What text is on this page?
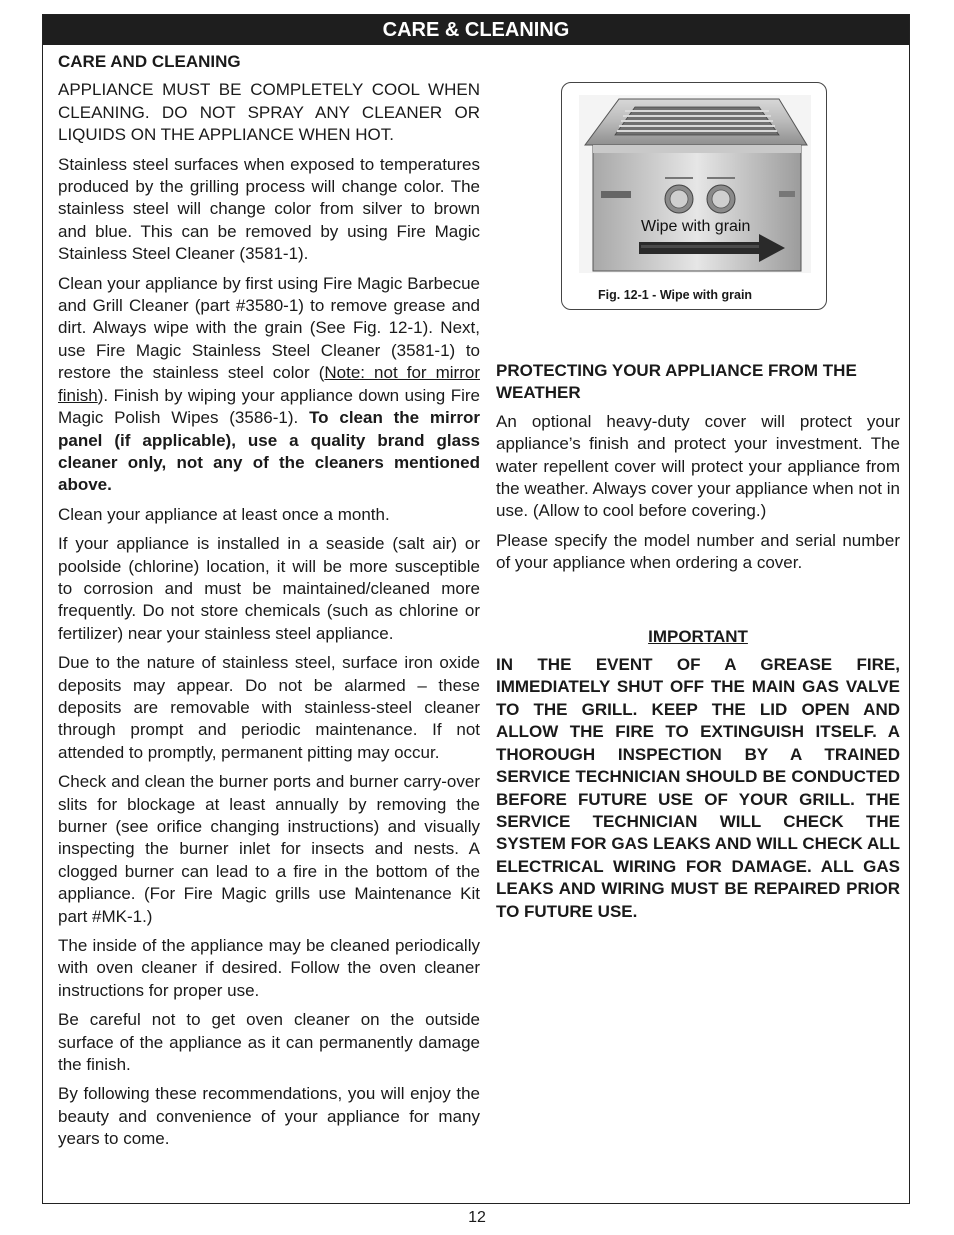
CARE & CLEANING
CARE AND CLEANING

APPLIANCE MUST BE COMPLETELY COOL WHEN CLEANING. DO NOT SPRAY ANY CLEANER OR LIQUIDS ON THE APPLIANCE WHEN HOT.

Stainless steel surfaces when exposed to temperatures produced by the grilling process will change color. The stainless steel will change color from silver to brown and blue. This can be removed by using Fire Magic Stainless Steel Cleaner (3581-1).

Clean your appliance by first using Fire Magic Barbecue and Grill Cleaner (part #3580-1) to remove grease and dirt. Always wipe with the grain (See Fig. 12-1). Next, use Fire Magic Stainless Steel Cleaner (3581-1) to restore the stainless steel color (Note: not for mirror finish). Finish by wiping your appliance down using Fire Magic Polish Wipes (3586-1). To clean the mirror panel (if applicable), use a quality brand glass cleaner only, not any of the cleaners mentioned above.

Clean your appliance at least once a month.

If your appliance is installed in a seaside (salt air) or poolside (chlorine) location, it will be more susceptible to corrosion and must be maintained/cleaned more frequently. Do not store chemicals (such as chlorine or fertilizer) near your stainless steel appliance.

Due to the nature of stainless steel, surface iron oxide deposits may appear. Do not be alarmed – these deposits are removable with stainless-steel cleaner through prompt and periodic maintenance. If not attended to promptly, permanent pitting may occur.

Check and clean the burner ports and burner carry-over slits for blockage at least annually by removing the burner (see orifice changing instructions) and visually inspecting the burner inlet for insects and nests. A clogged burner can lead to a fire in the bottom of the appliance. (For Fire Magic grills use Maintenance Kit part #MK-1.)

The inside of the appliance may be cleaned periodically with oven cleaner if desired. Follow the oven cleaner instructions for proper use.

Be careful not to get oven cleaner on the outside surface of the appliance as it can permanently damage the finish.

By following these recommendations, you will enjoy the beauty and convenience of your appliance for many years to come.

PROTECTING YOUR APPLIANCE FROM THE WEATHER

An optional heavy-duty cover will protect your appliance’s finish and protect your investment. The water repellent cover will protect your appliance from the weather. Always cover your appliance when not in use. (Allow to cool before covering.)

Please specify the model number and serial number of your appliance when ordering a cover.

IMPORTANT

IN THE EVENT OF A GREASE FIRE, IMMEDIATELY SHUT OFF THE MAIN GAS VALVE TO THE GRILL. KEEP THE LID OPEN AND ALLOW THE FIRE TO EXTINGUISH ITSELF. A THOROUGH INSPECTION BY A TRAINED SERVICE TECHNICIAN SHOULD BE CONDUCTED BEFORE FUTURE USE OF YOUR GRILL. THE SERVICE TECHNICIAN WILL CHECK THE SYSTEM FOR GAS LEAKS AND WILL CHECK ALL ELECTRICAL WIRING FOR DAMAGE. ALL GAS LEAKS AND WIRING MUST BE REPAIRED PRIOR TO FUTURE USE.

Wipe with grain
Fig. 12-1 - Wipe with grain
12
